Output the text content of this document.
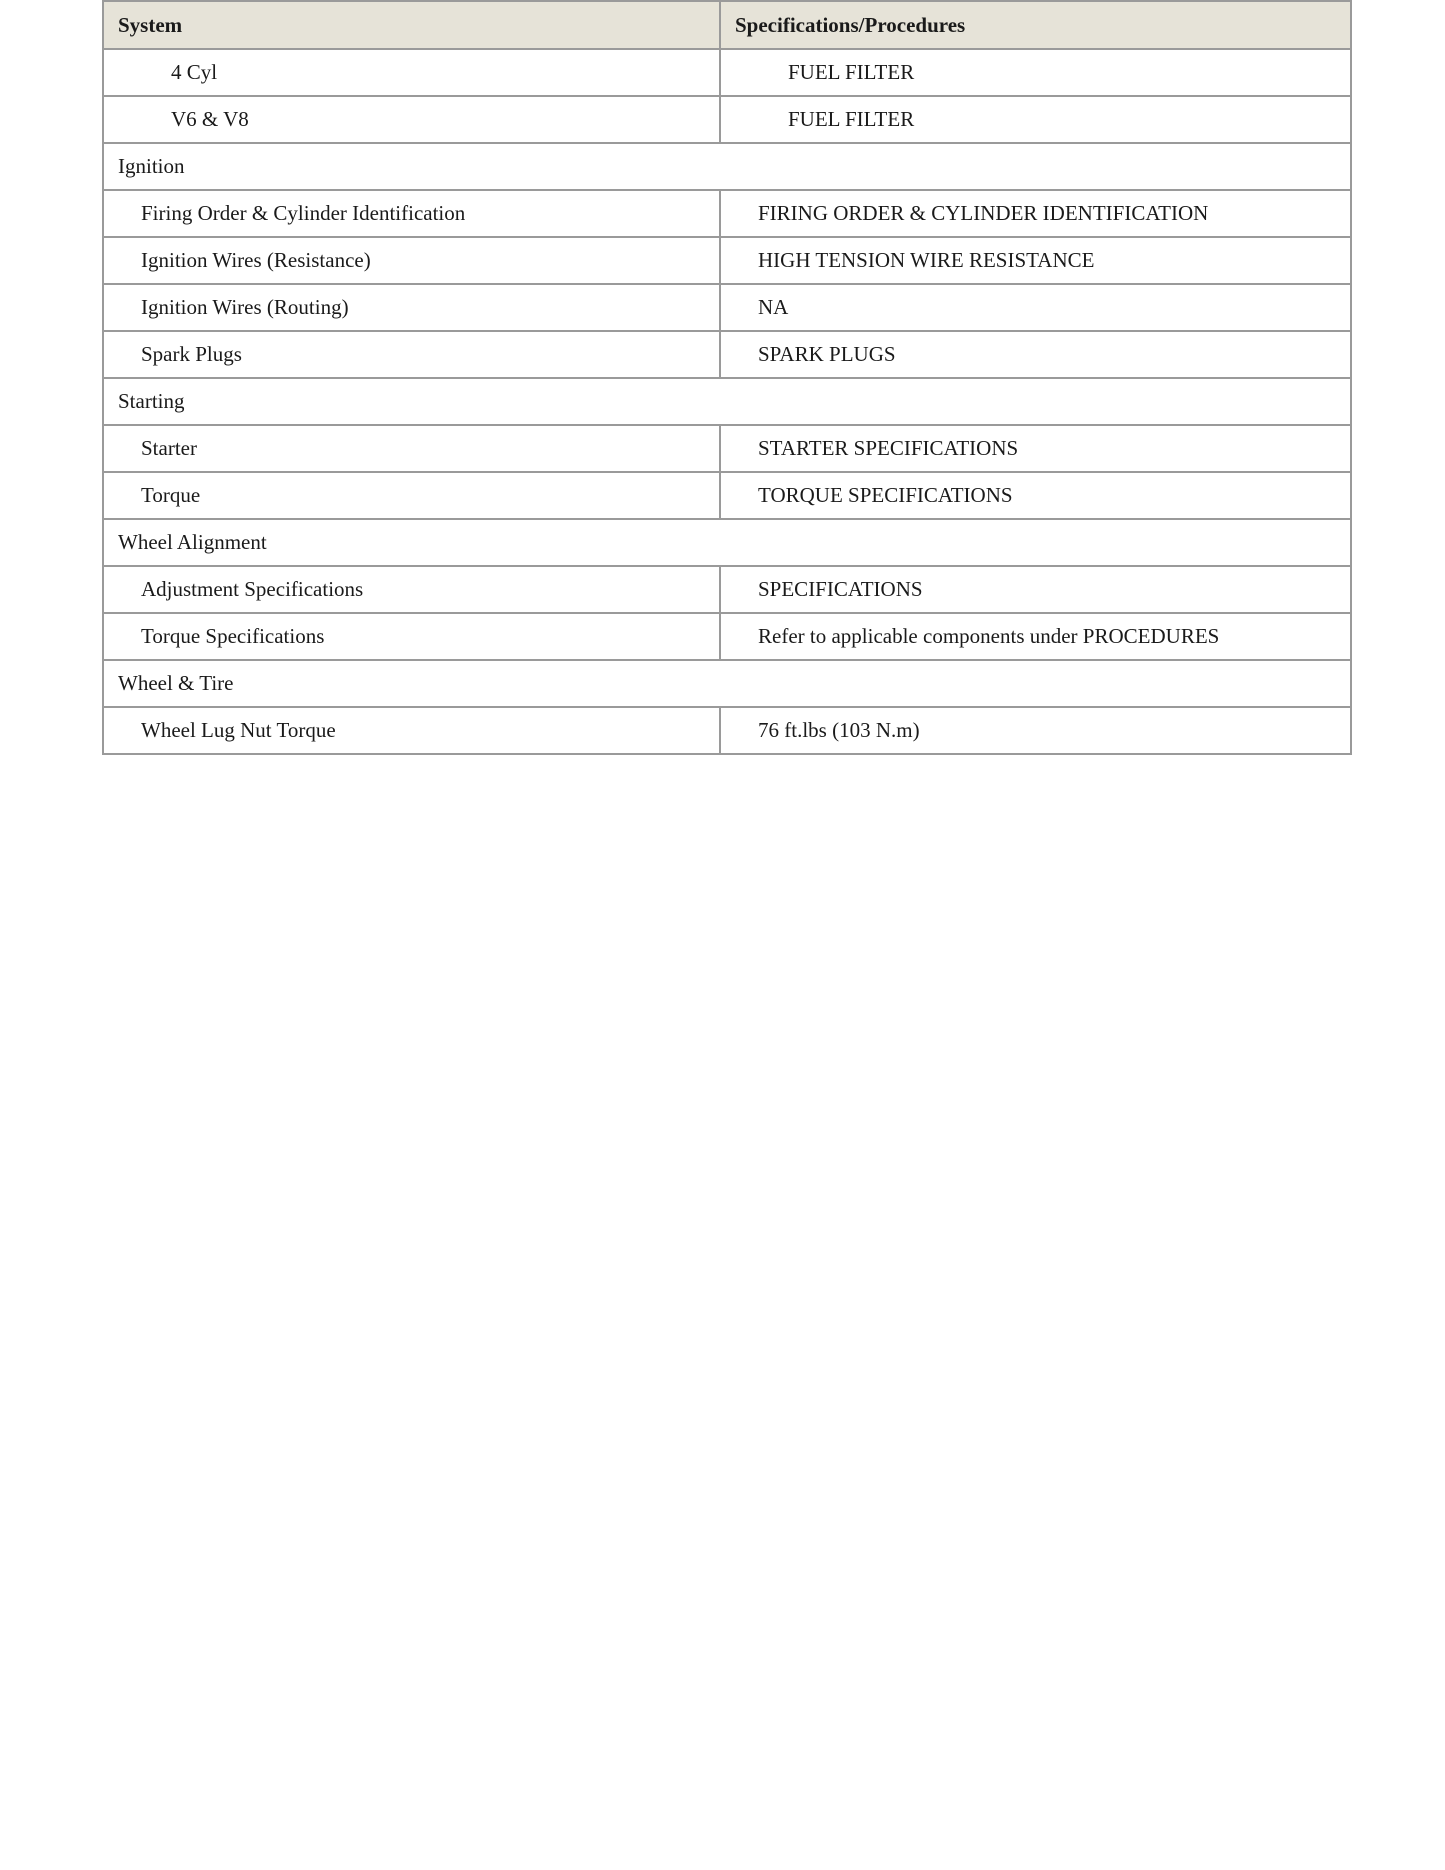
System	Specifications/Procedures
4 Cyl	FUEL FILTER
V6 & V8	FUEL FILTER
Ignition	
Firing Order & Cylinder Identification	FIRING ORDER & CYLINDER IDENTIFICATION
Ignition Wires (Resistance)	HIGH TENSION WIRE RESISTANCE
Ignition Wires (Routing)	NA
Spark Plugs	SPARK PLUGS
Starting	
Starter	STARTER SPECIFICATIONS
Torque	TORQUE SPECIFICATIONS
Wheel Alignment	
Adjustment Specifications	SPECIFICATIONS
Torque Specifications	Refer to applicable components under PROCEDURES
Wheel & Tire	
Wheel Lug Nut Torque	76 ft.lbs (103 N.m)
